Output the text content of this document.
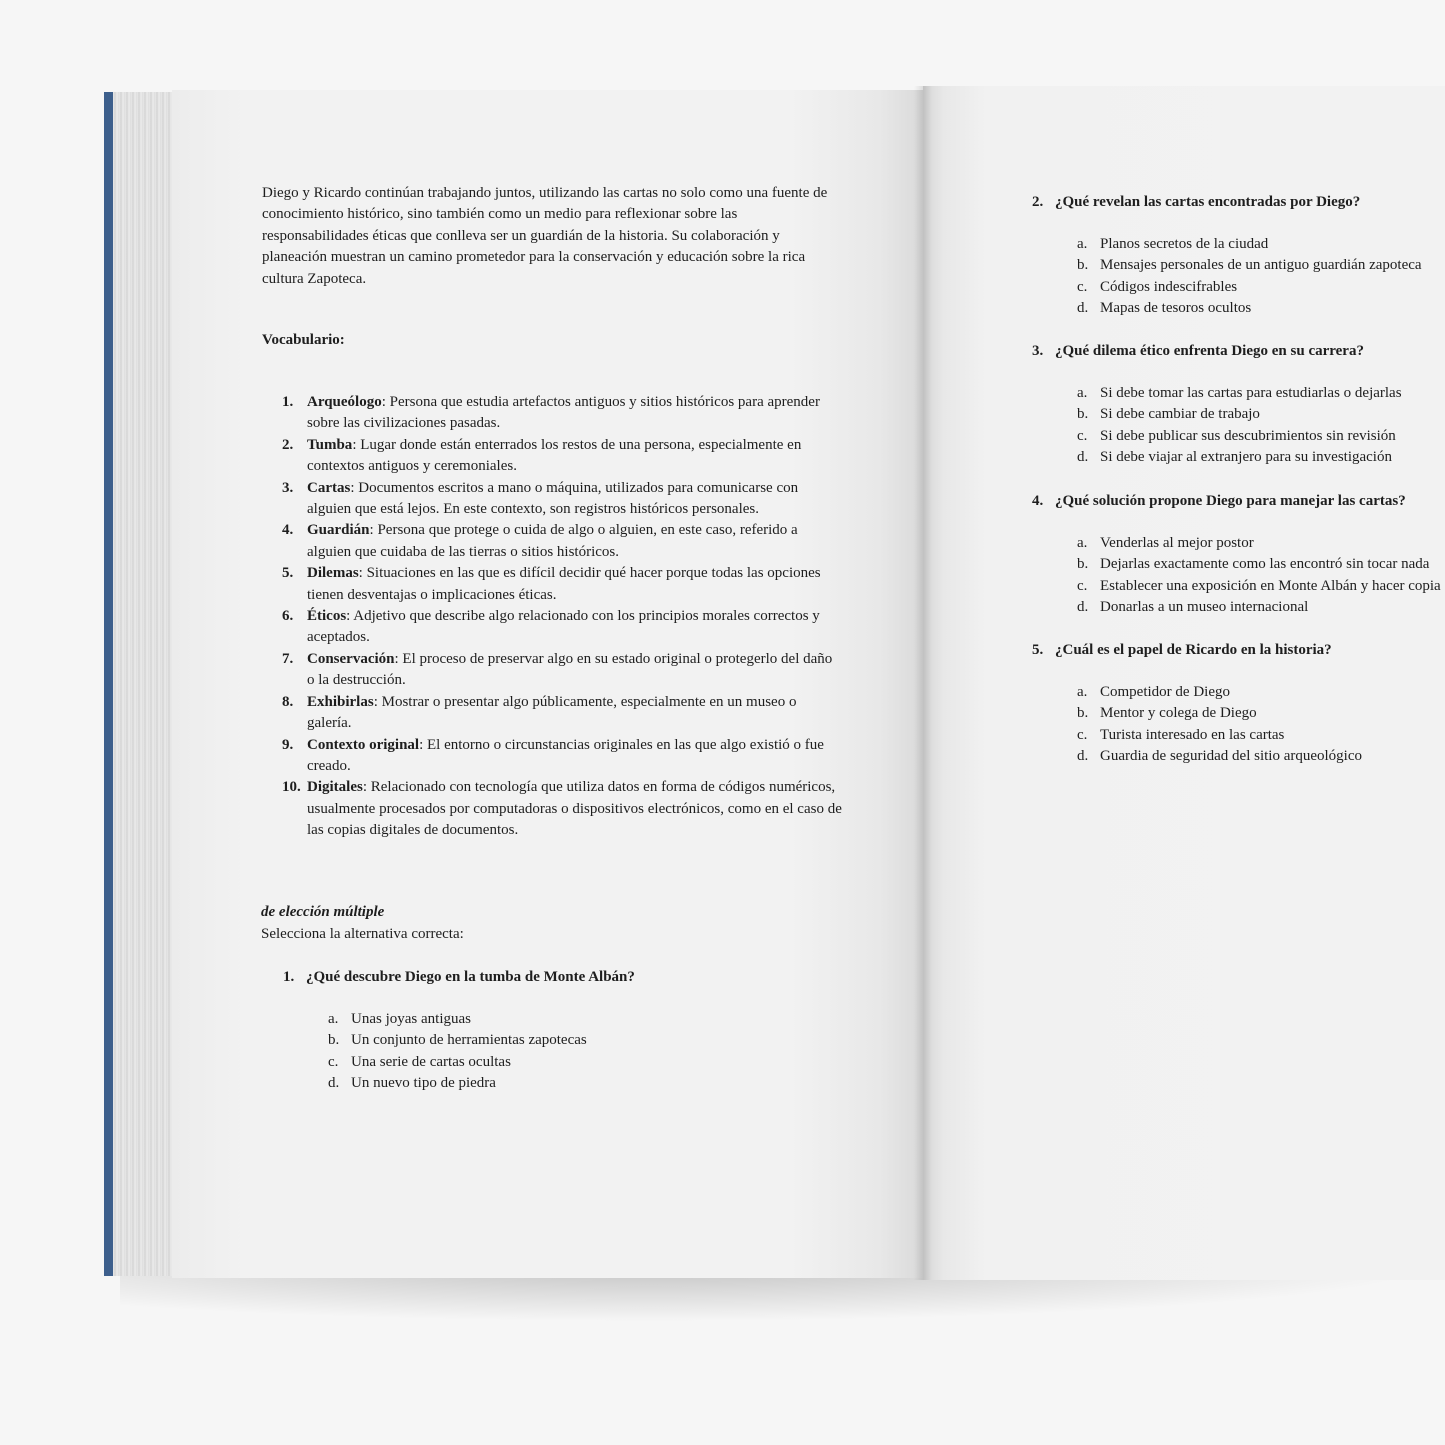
Diego y Ricardo continúan trabajando juntos, utilizando las cartas no solo como una fuente de conocimiento histórico, sino también como un medio para reflexionar sobre las responsabilidades éticas que conlleva ser un guardián de la historia. Su colaboración y planeación muestran un camino prometedor para la conservación y educación sobre la rica cultura Zapoteca.
Vocabulario:
1. Arqueólogo: Persona que estudia artefactos antiguos y sitios históricos para aprender sobre las civilizaciones pasadas.
2. Tumba: Lugar donde están enterrados los restos de una persona, especialmente en contextos antiguos y ceremoniales.
3. Cartas: Documentos escritos a mano o máquina, utilizados para comunicarse con alguien que está lejos. En este contexto, son registros históricos personales.
4. Guardián: Persona que protege o cuida de algo o alguien, en este caso, referido a alguien que cuidaba de las tierras o sitios históricos.
5. Dilemas: Situaciones en las que es difícil decidir qué hacer porque todas las opciones tienen desventajas o implicaciones éticas.
6. Éticos: Adjetivo que describe algo relacionado con los principios morales correctos y aceptados.
7. Conservación: El proceso de preservar algo en su estado original o protegerlo del daño o la destrucción.
8. Exhibirlas: Mostrar o presentar algo públicamente, especialmente en un museo o galería.
9. Contexto original: El entorno o circunstancias originales en las que algo existió o fue creado.
10. Digitales: Relacionado con tecnología que utiliza datos en forma de códigos numéricos, usualmente procesados por computadoras o dispositivos electrónicos, como en el caso de las copias digitales de documentos.
de elección múltiple
Selecciona la alternativa correcta:
1. ¿Qué descubre Diego en la tumba de Monte Albán?
a. Unas joyas antiguas
b. Un conjunto de herramientas zapotecas
c. Una serie de cartas ocultas
d. Un nuevo tipo de piedra
2. ¿Qué revelan las cartas encontradas por Diego?
a. Planos secretos de la ciudad
b. Mensajes personales de un antiguo guardián zapoteca
c. Códigos indescifrables
d. Mapas de tesoros ocultos
3. ¿Qué dilema ético enfrenta Diego en su carrera?
a. Si debe tomar las cartas para estudiarlas o dejarlas
b. Si debe cambiar de trabajo
c. Si debe publicar sus descubrimientos sin revisión
d. Si debe viajar al extranjero para su investigación
4. ¿Qué solución propone Diego para manejar las cartas?
a. Venderlas al mejor postor
b. Dejarlas exactamente como las encontró sin tocar nada
c. Establecer una exposición en Monte Albán y hacer copia
d. Donarlas a un museo internacional
5. ¿Cuál es el papel de Ricardo en la historia?
a. Competidor de Diego
b. Mentor y colega de Diego
c. Turista interesado en las cartas
d. Guardia de seguridad del sitio arqueológico
